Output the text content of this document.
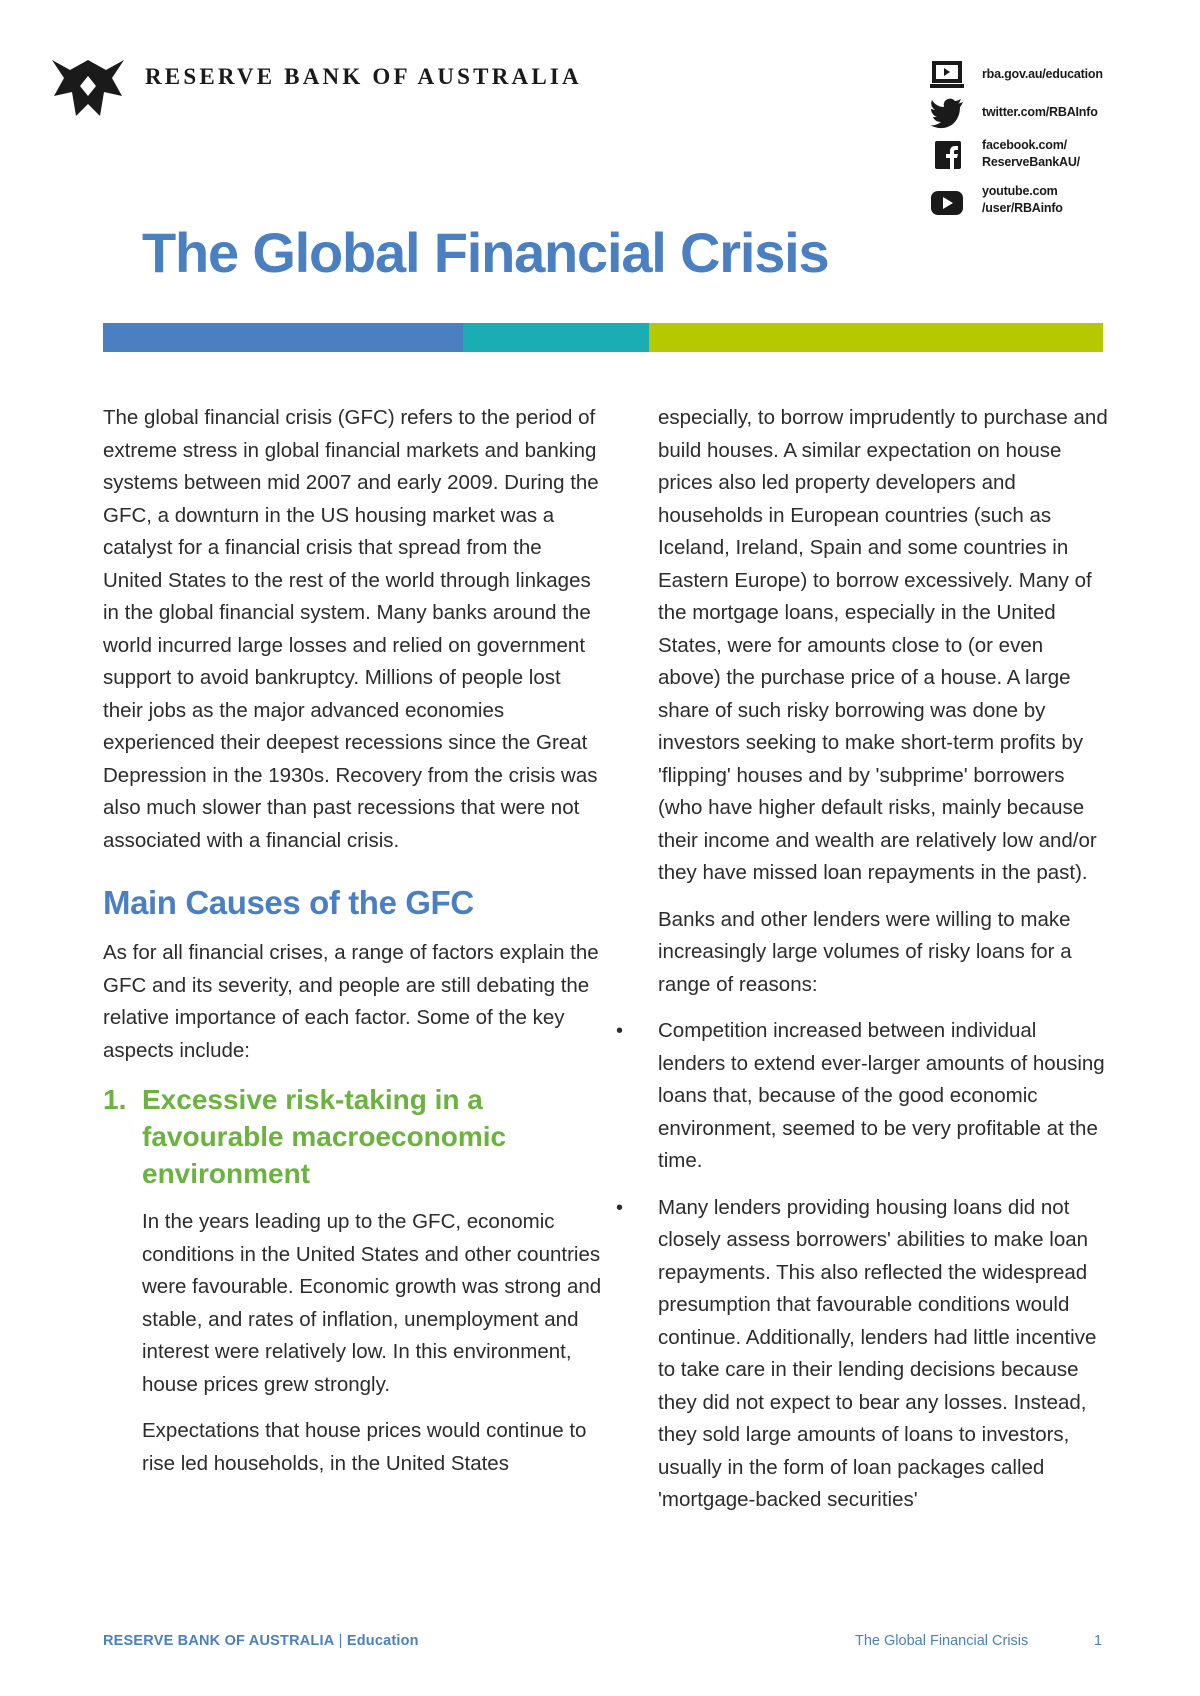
RESERVE BANK OF AUSTRALIA	rba.gov.au/education
twitter.com/RBAInfo
facebook.com/
ReserveBankAU/
youtube.com
/user/RBAinfo
The Global Financial Crisis

The global financial crisis (GFC) refers to the period of extreme stress in global financial markets and banking systems between mid 2007 and early 2009. During the GFC, a downturn in the US housing market was a catalyst for a financial crisis that spread from the United States to the rest of the world through linkages in the global financial system. Many banks around the world incurred large losses and relied on government support to avoid bankruptcy. Millions of people lost their jobs as the major advanced economies experienced their deepest recessions since the Great Depression in the 1930s. Recovery from the crisis was also much slower than past recessions that were not associated with a financial crisis.

Main Causes of the GFC

As for all financial crises, a range of factors explain the GFC and its severity, and people are still debating the relative importance of each factor. Some of the key aspects include:

1. Excessive risk-taking in a favourable macroeconomic environment

In the years leading up to the GFC, economic conditions in the United States and other countries were favourable. Economic growth was strong and stable, and rates of inflation, unemployment and interest were relatively low. In this environment, house prices grew strongly.

Expectations that house prices would continue to rise led households, in the United States

especially, to borrow imprudently to purchase and build houses. A similar expectation on house prices also led property developers and households in European countries (such as Iceland, Ireland, Spain and some countries in Eastern Europe) to borrow excessively. Many of the mortgage loans, especially in the United States, were for amounts close to (or even above) the purchase price of a house. A large share of such risky borrowing was done by investors seeking to make short-term profits by 'flipping' houses and by 'subprime' borrowers (who have higher default risks, mainly because their income and wealth are relatively low and/or they have missed loan repayments in the past).

Banks and other lenders were willing to make increasingly large volumes of risky loans for a range of reasons:

• Competition increased between individual lenders to extend ever-larger amounts of housing loans that, because of the good economic environment, seemed to be very profitable at the time.
• Many lenders providing housing loans did not closely assess borrowers' abilities to make loan repayments. This also reflected the widespread presumption that favourable conditions would continue. Additionally, lenders had little incentive to take care in their lending decisions because they did not expect to bear any losses. Instead, they sold large amounts of loans to investors, usually in the form of loan packages called 'mortgage-backed securities'
RESERVE BANK OF AUSTRALIA | Education	The Global Financial Crisis	1
